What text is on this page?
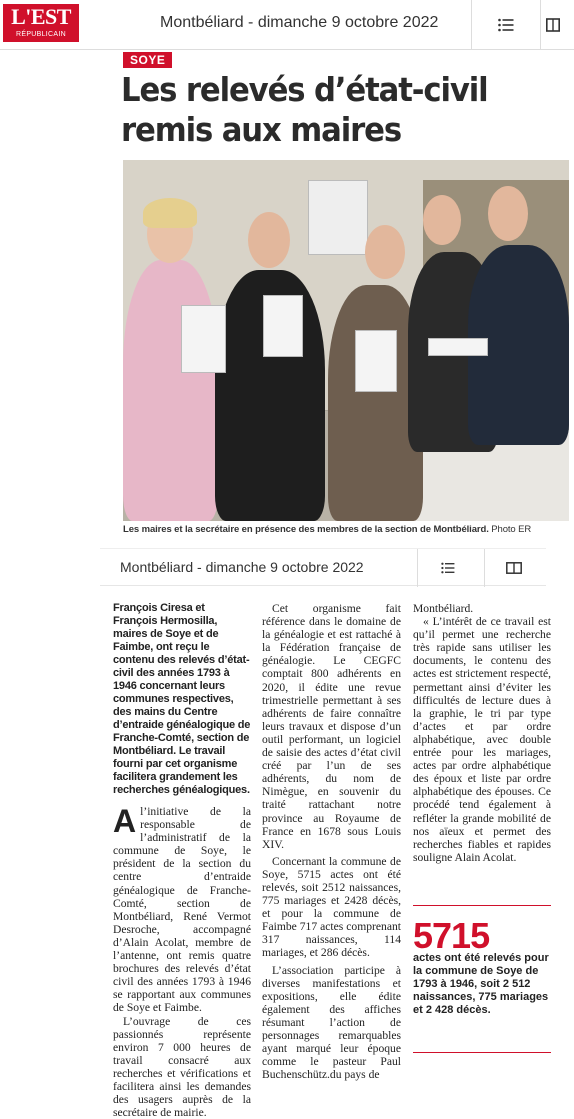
L'EST
RÉPUBLICAIN
Montbéliard - dimanche 9 octobre 2022
SOYE
Les relevés d’état-civil
remis aux maires
Les maires et la secrétaire en présence des membres de la section de Montbéliard. Photo ER
Montbéliard - dimanche 9 octobre 2022

François Ciresa et François Hermosilla, maires de Soye et de Faimbe, ont reçu le contenu des relevés d’état-civil des années 1793 à 1946 concernant leurs communes respectives, des mains du Centre d’entraide généalogique de Franche-Comté, section de Montbéliard. Le travail fourni par cet organisme facilitera grandement les recherches généalogiques.

Al’initiative de la responsable de l’administratif de la commune de Soye, le président de la section du centre d’entraide généalogique de Franche-Comté, section de Montbéliard, René Vermot Desroche, accompagné d’Alain Acolat, membre de l’antenne, ont remis quatre brochures des relevés d’état civil des années 1793 à 1946 se rapportant aux communes de Soye et Faimbe.

L’ouvrage de ces passionnés représente environ 7 000 heures de travail consacré aux recherches et vérifications et facilitera ainsi les demandes des usagers auprès de la secrétaire de mairie.

Cet organisme fait référence dans le domaine de la généalogie et est rattaché à la Fédération française de généalogie. Le CEGFC comptait 800 adhérents en 2020, il édite une revue trimestrielle permettant à ses adhérents de faire connaître leurs travaux et dispose d’un outil performant, un logiciel de saisie des actes d’état civil créé par l’un de ses adhérents, du nom de Nimègue, en souvenir du traité rattachant notre province au Royaume de France en 1678 sous Louis XIV.

Concernant la commune de Soye, 5715 actes ont été relevés, soit 2512 naissances, 775 mariages et 2428 décès, et pour la commune de Faimbe 717 actes comprenant 317 naissances, 114 mariages, et 286 décès.

L’association participe à diverses manifestations et expositions, elle édite également des affiches résumant l’action de personnages remarquables ayant marqué leur époque comme le pasteur Paul Buchenschütz.du pays de

Montbéliard.

« L’intérêt de ce travail est qu’il permet une recherche très rapide sans utiliser les documents, le contenu des actes est strictement respecté, permettant ainsi d’éviter les difficultés de lecture dues à la graphie, le tri par type d’actes et par ordre alphabétique, avec double entrée pour les mariages, actes par ordre alphabétique des époux et liste par ordre alphabétique des épouses. Ce procédé tend également à refléter la grande mobilité de nos aïeux et permet des recherches fiables et rapides souligne Alain Acolat.

5715
actes ont été relevés pour la commune de Soye de 1793 à 1946, soit 2 512 naissances, 775 mariages et 2 428 décès.
